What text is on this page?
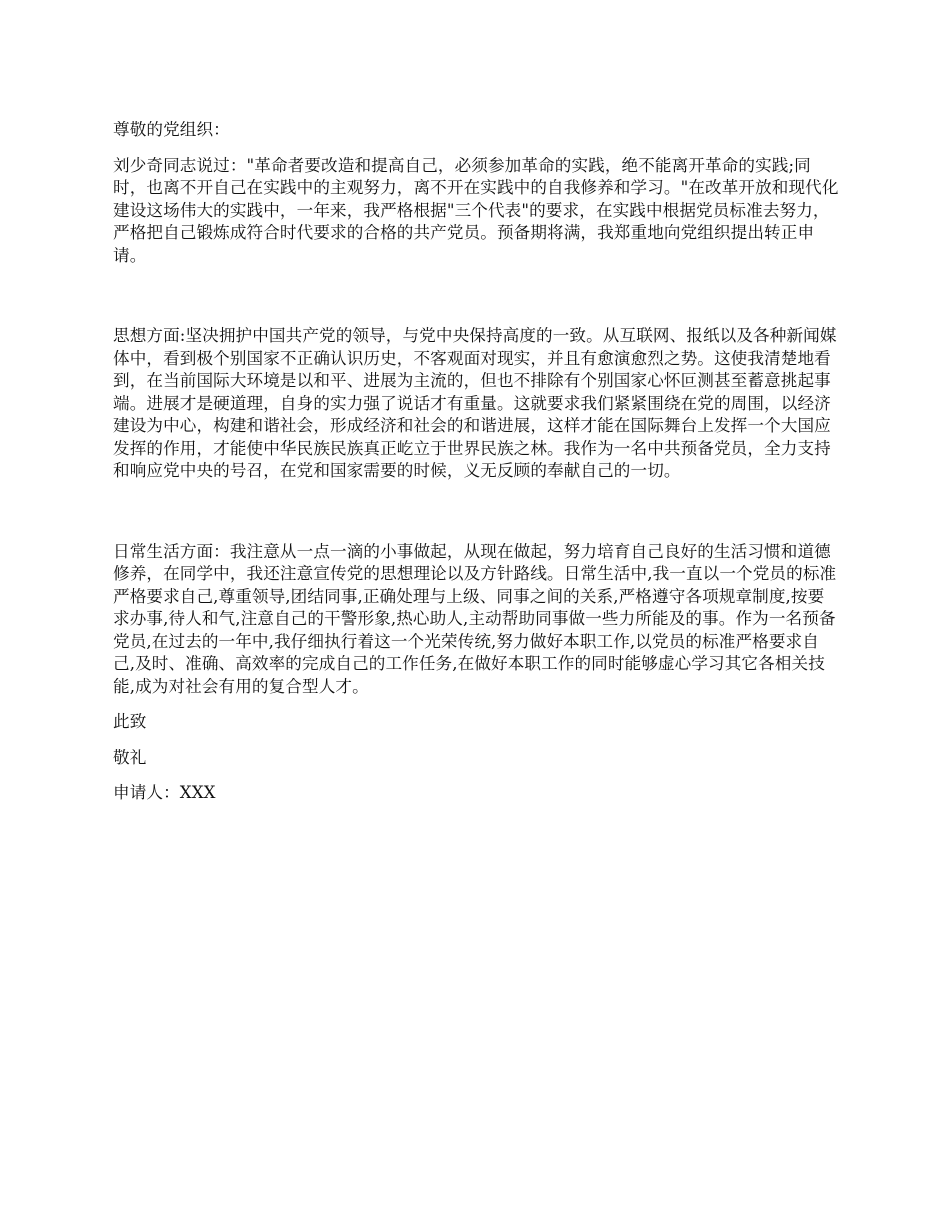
尊敬的党组织：

刘少奇同志说过："革命者要改造和提高自己，必须参加革命的实践，绝不能离开革命的实践;同时，也离不开自己在实践中的主观努力，离不开在实践中的自我修养和学习。"在改革开放和现代化建设这场伟大的实践中，一年来，我严格根据"三个代表"的要求，在实践中根据党员标准去努力，严格把自己锻炼成符合时代要求的合格的共产党员。预备期将满，我郑重地向党组织提出转正申请。

思想方面:坚决拥护中国共产党的领导，与党中央保持高度的一致。从互联网、报纸以及各种新闻媒体中，看到极个别国家不正确认识历史，不客观面对现实，并且有愈演愈烈之势。这使我清楚地看到，在当前国际大环境是以和平、进展为主流的，但也不排除有个别国家心怀叵测甚至蓄意挑起事端。进展才是硬道理，自身的实力强了说话才有重量。这就要求我们紧紧围绕在党的周围，以经济建设为中心，构建和谐社会，形成经济和社会的和谐进展，这样才能在国际舞台上发挥一个大国应发挥的作用，才能使中华民族民族真正屹立于世界民族之林。我作为一名中共预备党员，全力支持和响应党中央的号召，在党和国家需要的时候，义无反顾的奉献自己的一切。

日常生活方面：我注意从一点一滴的小事做起，从现在做起，努力培育自己良好的生活习惯和道德修养，在同学中，我还注意宣传党的思想理论以及方针路线。日常生活中,我一直以一个党员的标准严格要求自己,尊重领导,团结同事,正确处理与上级、同事之间的关系,严格遵守各项规章制度,按要求办事,待人和气,注意自己的干警形象,热心助人,主动帮助同事做一些力所能及的事。作为一名预备党员,在过去的一年中,我仔细执行着这一个光荣传统,努力做好本职工作,以党员的标准严格要求自己,及时、准确、高效率的完成自己的工作任务,在做好本职工作的同时能够虚心学习其它各相关技能,成为对社会有用的复合型人才。

此致

敬礼

申请人：XXX
